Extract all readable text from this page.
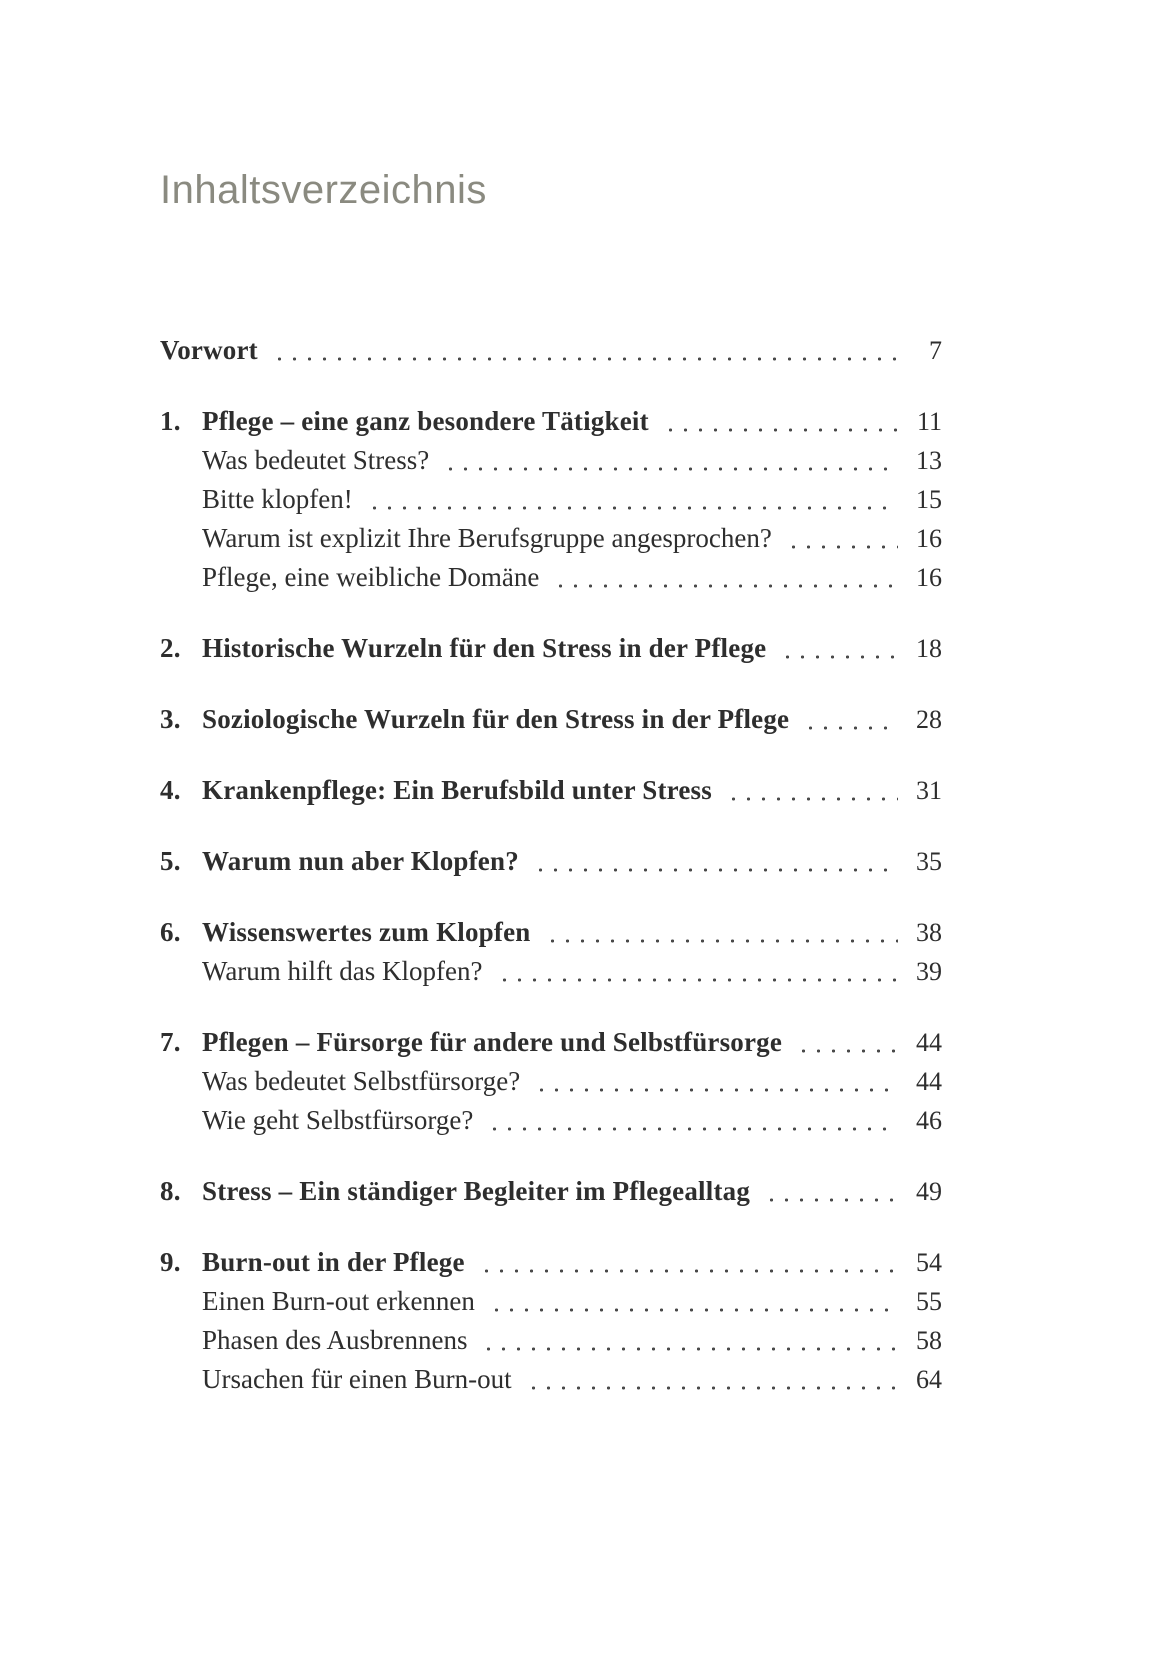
Inhaltsverzeichnis
Vorwort	7
1. Pflege – eine ganz besondere Tätigkeit	11
Was bedeutet Stress?	13
Bitte klopfen!	15
Warum ist explizit Ihre Berufsgruppe angesprochen?	16
Pflege, eine weibliche Domäne	16
2. Historische Wurzeln für den Stress in der Pflege	18
3. Soziologische Wurzeln für den Stress in der Pflege	28
4. Krankenpflege: Ein Berufsbild unter Stress	31
5. Warum nun aber Klopfen?	35
6. Wissenswertes zum Klopfen	38
Warum hilft das Klopfen?	39
7. Pflegen – Fürsorge für andere und Selbstfürsorge	44
Was bedeutet Selbstfürsorge?	44
Wie geht Selbstfürsorge?	46
8. Stress – Ein ständiger Begleiter im Pflegealltag	49
9. Burn-out in der Pflege	54
Einen Burn-out erkennen	55
Phasen des Ausbrennens	58
Ursachen für einen Burn-out	64
